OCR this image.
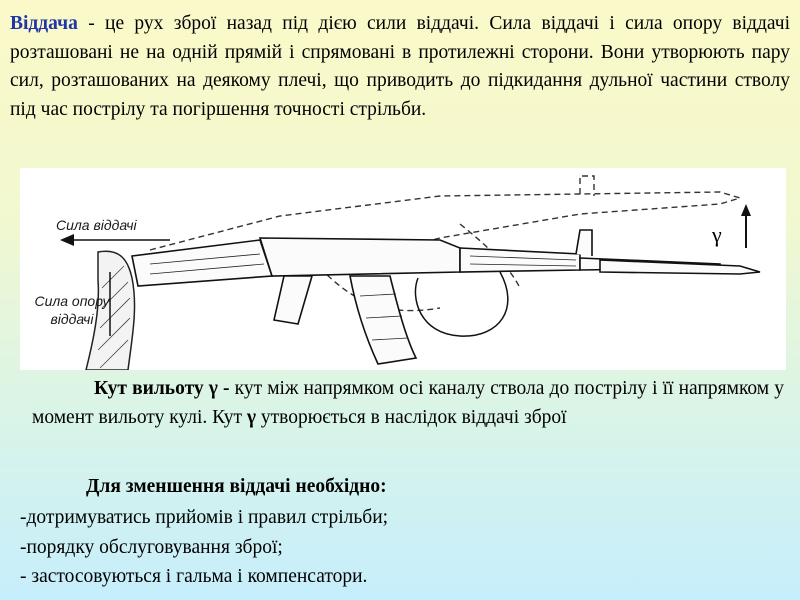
Віддача - це рух зброї назад під дією сили віддачі. Сила віддачі і сила опору віддачі розташовані не на одній прямій і спрямовані в протилежні сторони. Вони утворюють пару сил, розташованих на деякому плечі, що приводить до підкидання дульної частини стволу під час пострілу та погіршення точності стрільби.

Сила віддачі
Сила опору
віддачі
γ

Кут вильоту γ - кут між напрямком осі каналу ствола до пострілу і її напрямком у момент вильоту кулі. Кут γ утворюється в наслідок віддачі зброї

Для зменшення віддачі необхідно:
-дотримуватись прийомів і правил стрільби;
-порядку обслуговування зброї;
- застосовуються і гальма і компенсатори.
